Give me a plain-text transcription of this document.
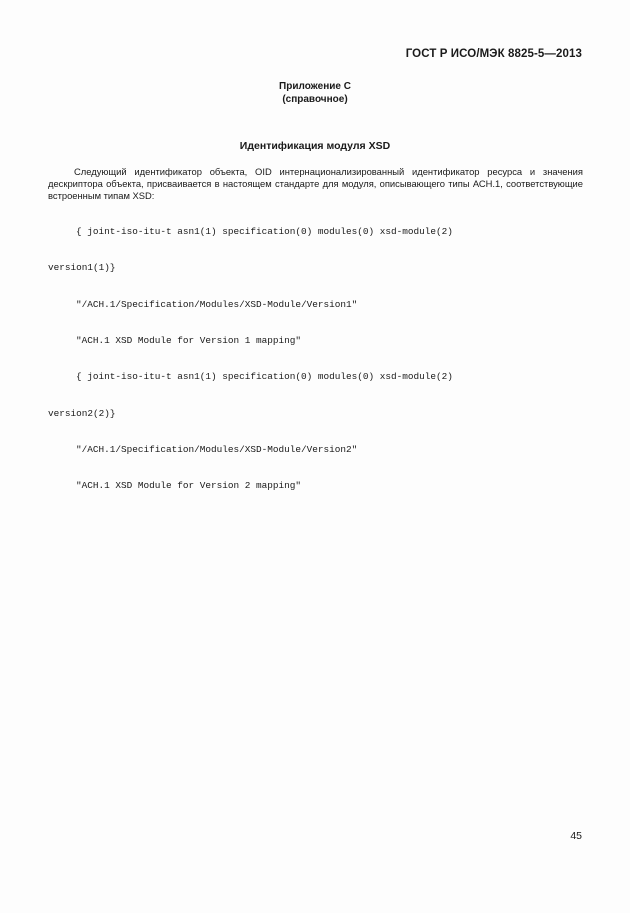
ГОСТ Р ИСО/МЭК 8825-5—2013
Приложение С
(справочное)
Идентификация модуля XSD
Следующий идентификатор объекта, OID интернационализированный идентификатор ресурса и значения дескриптора объекта, присваивается в настоящем стандарте для модуля, описывающего типы АСН.1, соответствующие встроенным типам XSD:

{ joint-iso-itu-t asn1(1) specification(0) modules(0) xsd-module(2)

version1(1)}

"/ACH.1/Specification/Modules/XSD-Module/Version1"

"ACH.1 XSD Module for Version 1 mapping"

{ joint-iso-itu-t asn1(1) specification(0) modules(0) xsd-module(2)

version2(2)}

"/ACH.1/Specification/Modules/XSD-Module/Version2"

"ACH.1 XSD Module for Version 2 mapping"

45
